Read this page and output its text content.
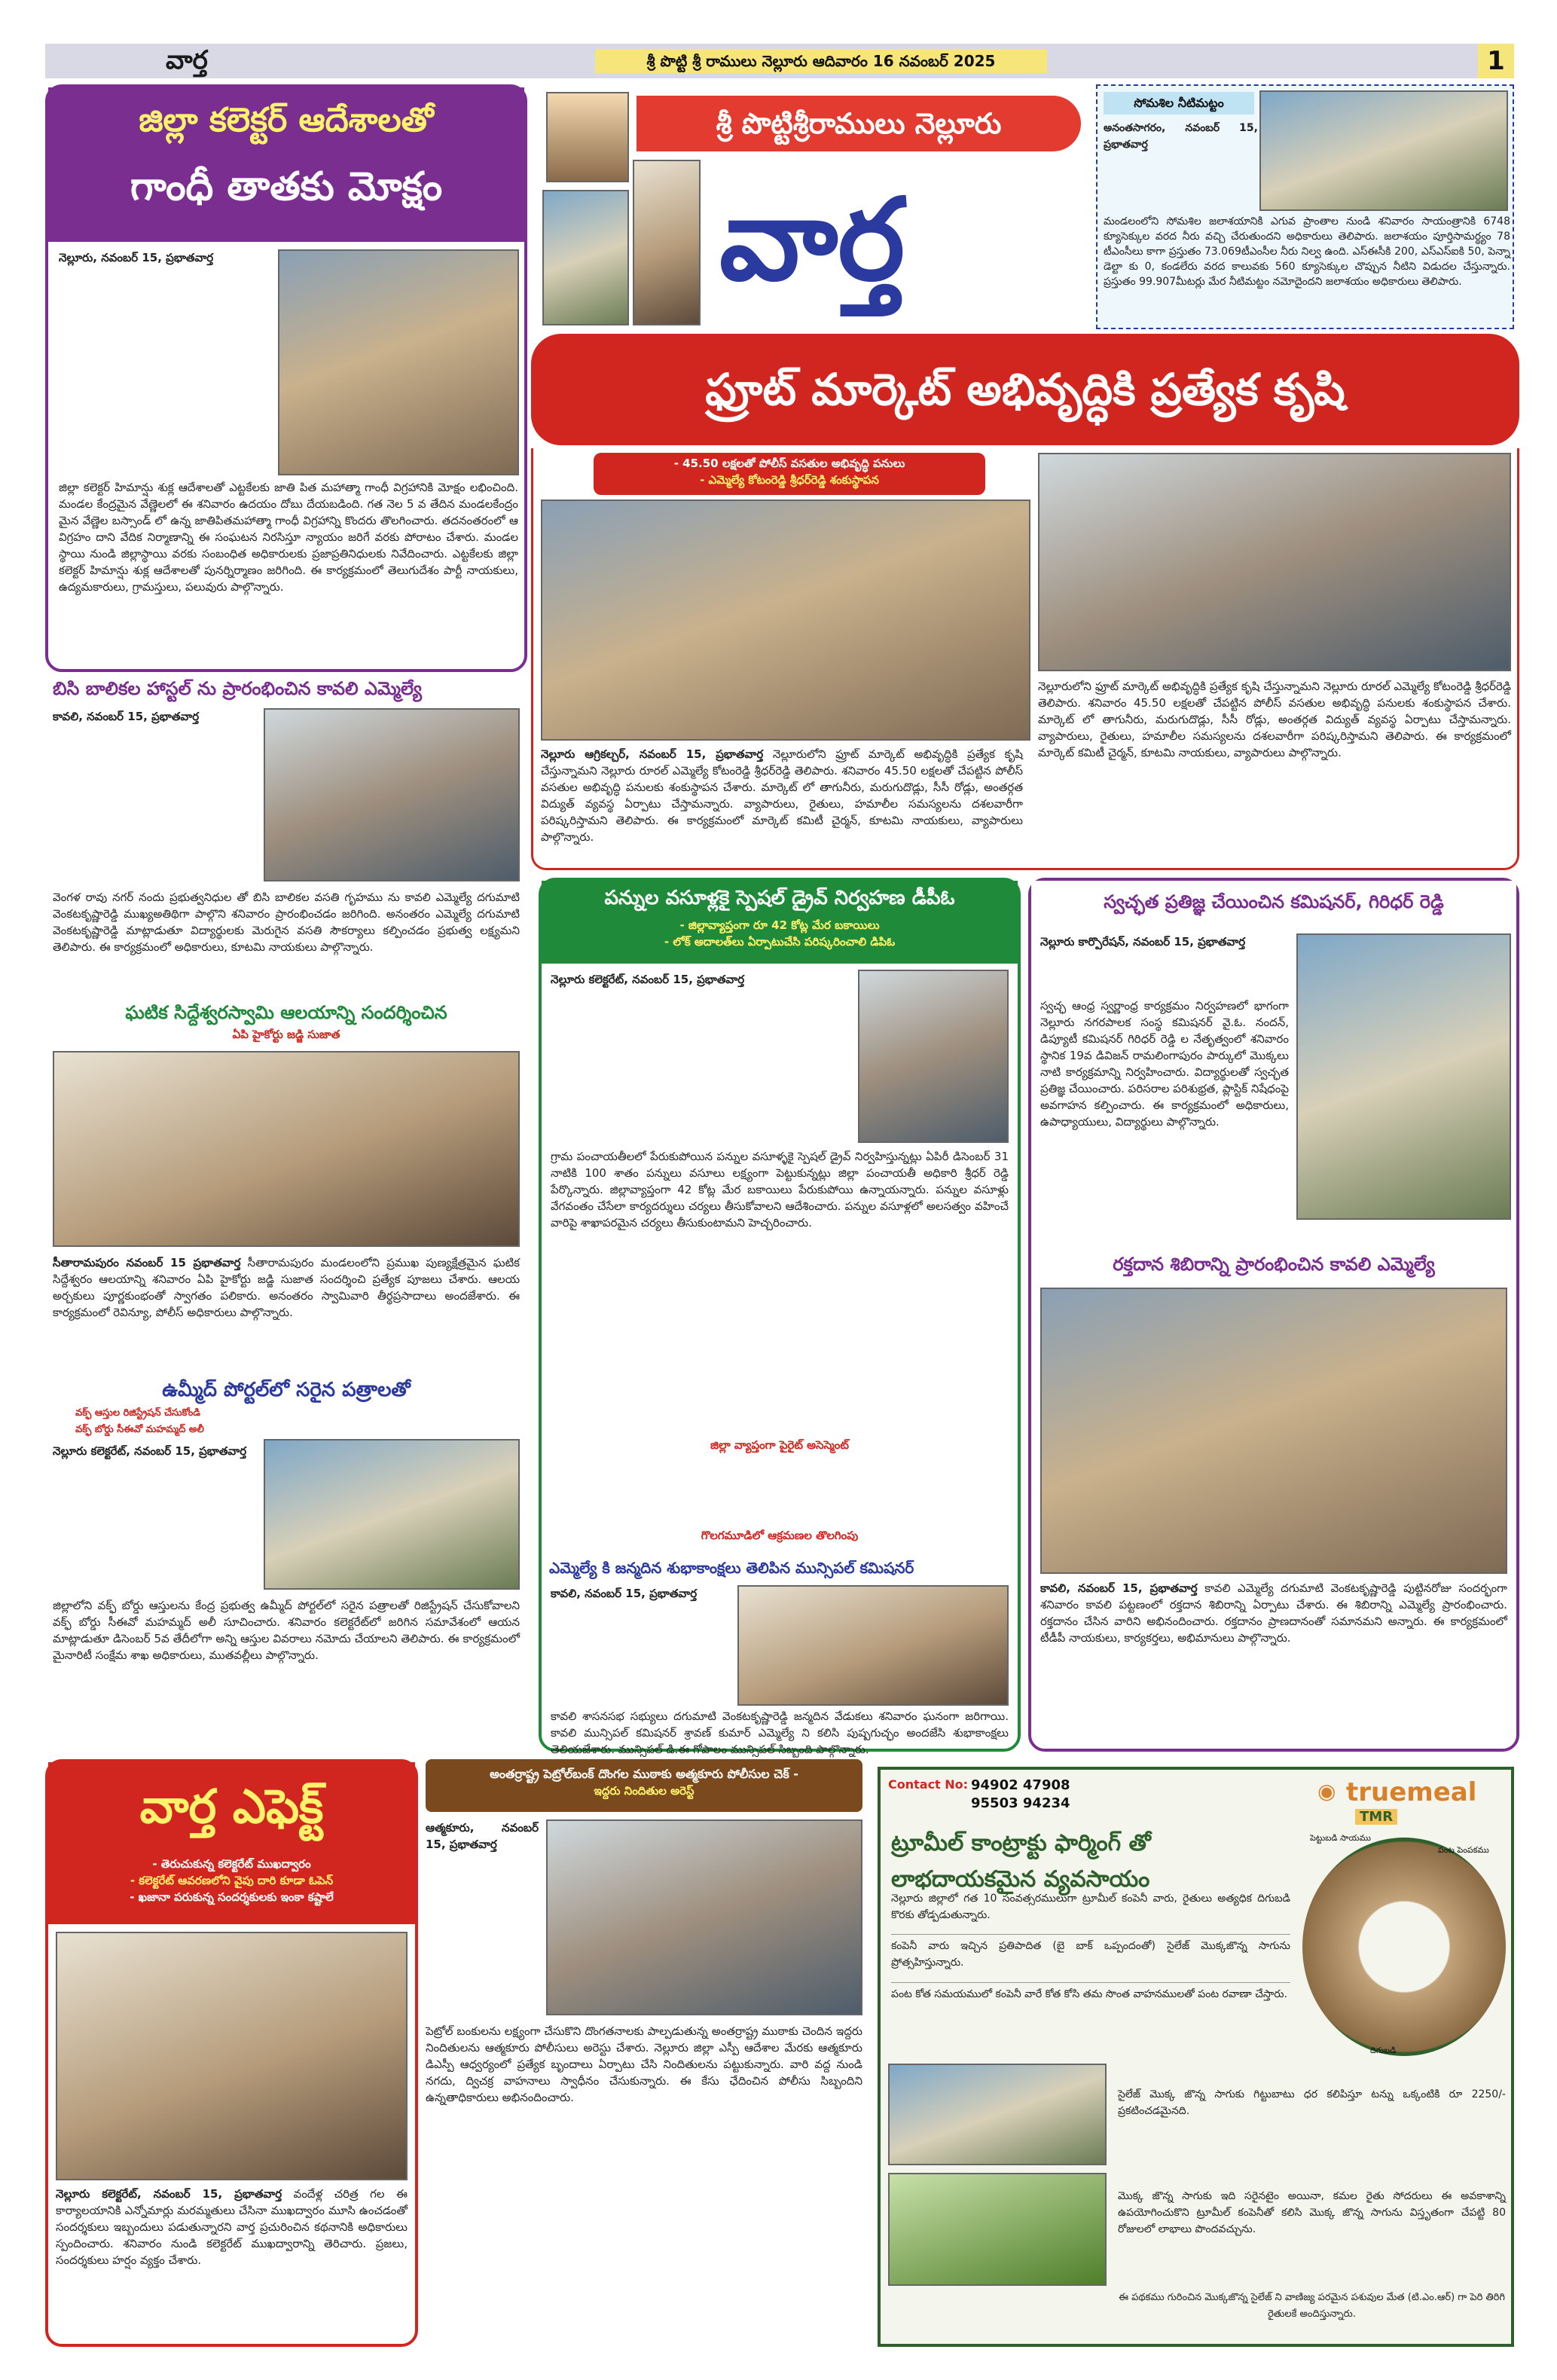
వార్త	శ్రీ పొట్టి శ్రీ రాములు నెల్లూరు ఆదివారం 16 నవంబర్ 2025	1
జిల్లా కలెక్టర్ ఆదేశాలతో
గాంధీ తాతకు మోక్షం
నెల్లూరు, నవంబర్ 15, ప్రభాతవార్త
జిల్లా కలెక్టర్ హిమాన్షు శుక్ల ఆదేశాలతో ఎట్టకేలకు జాతి పిత మహాత్మా గాంధీ విగ్రహానికి మోక్షం లభించింది. మండల కేంద్రమైన వేణ్ణెలలో ఈ శనివారం ఉదయం దోబు దేయబడింది. గత నెల 5 వ తేదిన మండలకేంద్రం మైన వేణ్ణెల బస్సాండ్ లో ఉన్న జాతిపితమహాత్మా గాంధీ విగ్రహాన్ని కొందరు తొలగించారు. తదనంతరంలో ఆ విగ్రహం దాని వేదిక నిర్మాణాన్ని ఈ సంఘటన నిరసిస్తూ న్యాయం జరిగే వరకు పోరాటం చేశారు. మండల స్థాయి నుండి జిల్లాస్థాయి వరకు సంబంధిత అధికారులకు ప్రజాప్రతినిధులకు నివేదించారు. ఎట్టకేలకు జిల్లా కలెక్టర్ హిమాన్షు శుక్ల ఆదేశాలతో పునర్నిర్మాణం జరిగింది. ఈ కార్యక్రమంలో తెలుగుదేశం పార్టీ నాయకులు, ఉద్యమకారులు, గ్రామస్తులు, పలువురు పాల్గొన్నారు.
బిసి బాలికల హాస్టల్ ను ప్రారంభించిన కావలి ఎమ్మెల్యే
కావలి, నవంబర్ 15, ప్రభాతవార్త
వెంగళ రావు నగర్ నందు ప్రభుత్వనిధుల తో బిసి బాలికల వసతి గృహము ను కావలి ఎమ్మెల్యే దగుమాటి వెంకటకృష్ణారెడ్డి ముఖ్యఅతిథిగా పాల్గొని శనివారం ప్రారంభించడం జరిగింది. అనంతరం ఎమ్మెల్యే దగుమాటి వెంకటకృష్ణారెడ్డి మాట్లాడుతూ విద్యార్థులకు మెరుగైన వసతి సౌకర్యాలు కల్పించడం ప్రభుత్వ లక్ష్యమని తెలిపారు. ఈ కార్యక్రమంలో అధికారులు, కూటమి నాయకులు పాల్గొన్నారు.
ఘటిక సిద్దేశ్వరస్వామి ఆలయాన్ని సందర్శించిన
ఏపి హైకోర్టు జడ్జి సుజాత
సీతారామపురం నవంబర్ 15 ప్రభాతవార్త సీతారామపురం మండలంలోని ప్రముఖ పుణ్యక్షేత్రమైన ఘటిక సిద్దేశ్వరం ఆలయాన్ని శనివారం ఏపి హైకోర్టు జడ్జి సుజాత సందర్శించి ప్రత్యేక పూజలు చేశారు. ఆలయ అర్చకులు పూర్ణకుంభంతో స్వాగతం పలికారు. అనంతరం స్వామివారి తీర్థప్రసాదాలు అందజేశారు. ఈ కార్యక్రమంలో రెవిన్యూ, పోలీస్ అధికారులు పాల్గొన్నారు.
ఉమ్మీద్ పోర్టల్‌లో సరైన పత్రాలతో
వక్ఫ్ ఆస్తుల రిజిస్ట్రేషన్ చేసుకోండి
వక్ఫ్ బోర్డు సీఈవో మహమ్మద్ అలీ
నెల్లూరు కలెక్టరేట్, నవంబర్ 15, ప్రభాతవార్త
జిల్లాలోని వక్ఫ్ బోర్డు ఆస్తులను కేంద్ర ప్రభుత్వ ఉమ్మీద్ పోర్టల్‌లో సరైన పత్రాలతో రిజిస్ట్రేషన్ చేసుకోవాలని వక్ఫ్ బోర్డు సీఈవో మహమ్మద్ అలీ సూచించారు. శనివారం కలెక్టరేట్‌లో జరిగిన సమావేశంలో ఆయన మాట్లాడుతూ డిసెంబర్ 5వ తేదీలోగా అన్ని ఆస్తుల వివరాలు నమోదు చేయాలని తెలిపారు. ఈ కార్యక్రమంలో మైనారిటీ సంక్షేమ శాఖ అధికారులు, ముతవల్లీలు పాల్గొన్నారు.
శ్రీ పొట్టిశ్రీరాములు నెల్లూరు
వార్త
సోమశిల నీటిమట్టం
అనంతసాగరం, నవంబర్ 15, ప్రభాతవార్త
మండలంలోని సోమశిల జలాశయానికి ఎగువ ప్రాంతాల నుండి శనివారం సాయంత్రానికి 6748 క్యూసెక్కుల వరద నీరు వచ్చి చేరుతుందని అధికారులు తెలిపారు. జలాశయం పూర్తిసామర్థ్యం 78 టీఎంసీలు కాగా ప్రస్తుతం 73.069టీఎంసీల నీరు నిల్వ ఉంది. ఎస్ఈసీకి 200, ఎస్ఎస్ఐకి 50, పెన్నా డెల్టా కు 0, కండలేరు వరద కాలువకు 560 క్యూసెక్కుల చొప్పున నీటిని విడుదల చేస్తున్నారు. ప్రస్తుతం 99.907మీటర్లు మేర నీటిమట్టం నమోదైందని జలాశయం అధికారులు తెలిపారు.
ఫ్రూట్ మార్కెట్ అభివృద్ధికి ప్రత్యేక కృషి
- 45.50 లక్షలతో పోలీస్ వసతుల అభివృద్ధి పనులు
- ఎమ్మెల్యే కోటంరెడ్డి శ్రీధర్‌రెడ్డి శంకుస్థాపన
నెల్లూరు ఆగ్రికల్చర్, నవంబర్ 15, ప్రభాతవార్త నెల్లూరులోని ఫ్రూట్ మార్కెట్ అభివృద్ధికి ప్రత్యేక కృషి చేస్తున్నామని నెల్లూరు రూరల్ ఎమ్మెల్యే కోటంరెడ్డి శ్రీధర్‌రెడ్డి తెలిపారు. శనివారం 45.50 లక్షలతో చేపట్టిన పోలీస్ వసతుల అభివృద్ధి పనులకు శంకుస్థాపన చేశారు. మార్కెట్ లో తాగునీరు, మరుగుదొడ్లు, సీసీ రోడ్లు, అంతర్గత విద్యుత్ వ్యవస్థ ఏర్పాటు చేస్తామన్నారు. వ్యాపారులు, రైతులు, హమాలీల సమస్యలను దశలవారీగా పరిష్కరిస్తామని తెలిపారు. ఈ కార్యక్రమంలో మార్కెట్ కమిటీ చైర్మన్, కూటమి నాయకులు, వ్యాపారులు పాల్గొన్నారు.
నెల్లూరులోని ఫ్రూట్ మార్కెట్ అభివృద్ధికి ప్రత్యేక కృషి చేస్తున్నామని నెల్లూరు రూరల్ ఎమ్మెల్యే కోటంరెడ్డి శ్రీధర్‌రెడ్డి తెలిపారు. శనివారం 45.50 లక్షలతో చేపట్టిన పోలీస్ వసతుల అభివృద్ధి పనులకు శంకుస్థాపన చేశారు. మార్కెట్ లో తాగునీరు, మరుగుదొడ్లు, సీసీ రోడ్లు, అంతర్గత విద్యుత్ వ్యవస్థ ఏర్పాటు చేస్తామన్నారు. వ్యాపారులు, రైతులు, హమాలీల సమస్యలను దశలవారీగా పరిష్కరిస్తామని తెలిపారు. ఈ కార్యక్రమంలో మార్కెట్ కమిటీ చైర్మన్, కూటమి నాయకులు, వ్యాపారులు పాల్గొన్నారు.
పన్నుల వసూళ్లకై స్పెషల్ డ్రైవ్ నిర్వహణ డీపీఓ
- జిల్లావ్యాప్తంగా రూ 42 కోట్ల మేర బకాయిలు
- లోక్ అదాలత్‌లు ఏర్పాటుచేసి పరిష్కరించాలి డిపిఓ
నెల్లూరు కలెక్టరేట్, నవంబర్ 15, ప్రభాతవార్త
గ్రామ పంచాయతీలలో పేరుకుపోయిన పన్నుల వసూళ్ళకై స్పెషల్ డ్రైవ్ నిర్వహిస్తున్నట్లు ఏపిరీ డిసెంబర్ 31 నాటికి 100 శాతం పన్నులు వసూలు లక్ష్యంగా పెట్టుకున్నట్లు జిల్లా పంచాయతీ అధికారి శ్రీధర్ రెడ్డి పేర్కొన్నారు. జిల్లావ్యాప్తంగా 42 కోట్ల మేర బకాయిలు పేరుకుపోయి ఉన్నాయన్నారు. పన్నుల వసూళ్లు వేగవంతం చేసేలా కార్యదర్శులు చర్యలు తీసుకోవాలని ఆదేశించారు. పన్నుల వసూళ్లలో అలసత్వం వహించే వారిపై శాఖాపరమైన చర్యలు తీసుకుంటామని హెచ్చరించారు.
జిల్లా వ్యాప్తంగా పైరైట్ అసెస్మెంట్
గొలగమూడిలో ఆక్రమణల తొలగింపు
ఎమ్మెల్యే కి జన్మదిన శుభాకాంక్షలు తెలిపిన మున్సిపల్ కమిషనర్
కావలి, నవంబర్ 15, ప్రభాతవార్త
కావలి శాసనసభ సభ్యులు దగుమాటి వెంకటకృష్ణారెడ్డి జన్మదిన వేడుకలు శనివారం ఘనంగా జరిగాయి. కావలి మున్సిపల్ కమిషనర్ శ్రావణ్ కుమార్ ఎమ్మెల్యే ని కలిసి పుష్పగుచ్ఛం అందజేసి శుభాకాంక్షలు తెలియజేశారు. మున్సిపల్ డి.ఈ గోపాలం మున్సిపల్ సిబ్బంది పాల్గొన్నారు.
స్వచ్ఛత ప్రతిజ్ఞ చేయించిన కమిషనర్, గిరిధర్ రెడ్డి
నెల్లూరు కార్పొరేషన్, నవంబర్ 15, ప్రభాతవార్త
స్వచ్ఛ ఆంధ్ర స్వర్ణాంధ్ర కార్యక్రమం నిర్వహణలో భాగంగా నెల్లూరు నగరపాలక సంస్థ కమిషనర్ వై.ఓ. నందన్, డిప్యూటీ కమిషనర్ గిరిధర్ రెడ్డి ల నేతృత్వంలో శనివారం స్థానిక 19వ డివిజన్ రామలింగాపురం పార్కులో మొక్కలు నాటి కార్యక్రమాన్ని నిర్వహించారు. విద్యార్థులతో స్వచ్ఛత ప్రతిజ్ఞ చేయించారు. పరిసరాల పరిశుభ్రత, ప్లాస్టిక్ నిషేధంపై అవగాహన కల్పించారు. ఈ కార్యక్రమంలో అధికారులు, ఉపాధ్యాయులు, విద్యార్థులు పాల్గొన్నారు.
రక్తదాన శిబిరాన్ని ప్రారంభించిన కావలి ఎమ్మెల్యే
కావలి, నవంబర్ 15, ప్రభాతవార్త కావలి ఎమ్మెల్యే దగుమాటి వెంకటకృష్ణారెడ్డి పుట్టినరోజు సందర్భంగా శనివారం కావలి పట్టణంలో రక్తదాన శిబిరాన్ని ఏర్పాటు చేశారు. ఈ శిబిరాన్ని ఎమ్మెల్యే ప్రారంభించారు. రక్తదానం చేసిన వారిని అభినందించారు. రక్తదానం ప్రాణదానంతో సమానమని అన్నారు. ఈ కార్యక్రమంలో టీడీపీ నాయకులు, కార్యకర్తలు, అభిమానులు పాల్గొన్నారు.
వార్త ఎఫెక్ట్
- తెరుచుకున్న కలెక్టరేట్ ముఖద్వారం
- కలెక్టరేట్ ఆవరణలోని వైపు దారి కూడా ఓపెన్
- ఖజానా పరుకున్న సందర్శకులకు ఇంకా కష్టాలే
నెల్లూరు కలెక్టరేట్, నవంబర్ 15, ప్రభాతవార్త వందేళ్ల చరిత్ర గల ఈ కార్యాలయానికి ఎన్నోమార్లు మరమ్మతులు చేసినా ముఖద్వారం మూసి ఉంచడంతో సందర్శకులు ఇబ్బందులు పడుతున్నారని వార్త ప్రచురించిన కథనానికి అధికారులు స్పందించారు. శనివారం నుండి కలెక్టరేట్ ముఖద్వారాన్ని తెరిచారు. ప్రజలు, సందర్శకులు హర్షం వ్యక్తం చేశారు.
అంతర్రాష్ట్ర పెట్రోల్‌బంక్ దొంగల ముఠాకు అత్మకూరు పోలీసుల చెక్ -
ఇద్దరు నిందితుల అరెస్ట్
ఆత్మకూరు, నవంబర్ 15, ప్రభాతవార్త
పెట్రోల్ బంకులను లక్ష్యంగా చేసుకొని దొంగతనాలకు పాల్పడుతున్న అంతర్రాష్ట్ర ముఠాకు చెందిన ఇద్దరు నిందితులను ఆత్మకూరు పోలీసులు అరెస్టు చేశారు. నెల్లూరు జిల్లా ఎస్పీ ఆదేశాల మేరకు ఆత్మకూరు డిఎస్పీ ఆధ్వర్యంలో ప్రత్యేక బృందాలు ఏర్పాటు చేసి నిందితులను పట్టుకున్నారు. వారి వద్ద నుండి నగదు, ద్విచక్ర వాహనాలు స్వాధీనం చేసుకున్నారు. ఈ కేసు ఛేదించిన పోలీసు సిబ్బందిని ఉన్నతాధికారులు అభినందించారు.
Contact No: 94902 47908
95503 94234	◉ truemeal
TMR
ట్రూమీల్ కాంట్రాక్టు ఫార్మింగ్ తో
లాభదాయకమైన వ్యవసాయం
పెట్టుబడి సాయము
పంట పెంపకము
దిగుబడి
నెల్లూరు జిల్లాలో గత 10 సంవత్సరములుగా ట్రూమీల్ కంపెనీ వారు, రైతులు అత్యధిక దిగుబడి కొరకు తోడ్పడుతున్నారు.
కంపెనీ వారు ఇచ్చిన ప్రతిపాదిత (బై బాక్ ఒప్పందంతో) సైలేజ్ మొక్కజొన్న సాగును ప్రోత్సహిస్తున్నారు.
పంట కోత సమయములో కంపెనీ వారే కోత కోసి తమ సొంత వాహనములతో పంట రవాణా చేస్తారు.
సైలేజ్ మొక్క జొన్న సాగుకు గిట్టుబాటు ధర కలిపిస్తూ టన్ను ఒక్కంటికి రూ 2250/- ప్రకటించడమైనది.
మొక్క జొన్న సాగుకు ఇది సరైనటైం అయినా, కమల రైతు సోదరులు ఈ అవకాశాన్ని ఉపయోగించుకొని ట్రూమీల్ కంపెనీతో కలిసి మొక్క జొన్న సాగును విస్తృతంగా చేపట్టి 80 రోజులలో లాభాలు పొందవచ్చును.
ఈ పథకము గురించిన మొక్కజొన్న సైలేజ్ ని వాణిజ్య పరమైన పశువుల మేత (టి.ఎం.ఆర్) గా పెరి తిరిగి రైతులకే అందిస్తున్నారు.
